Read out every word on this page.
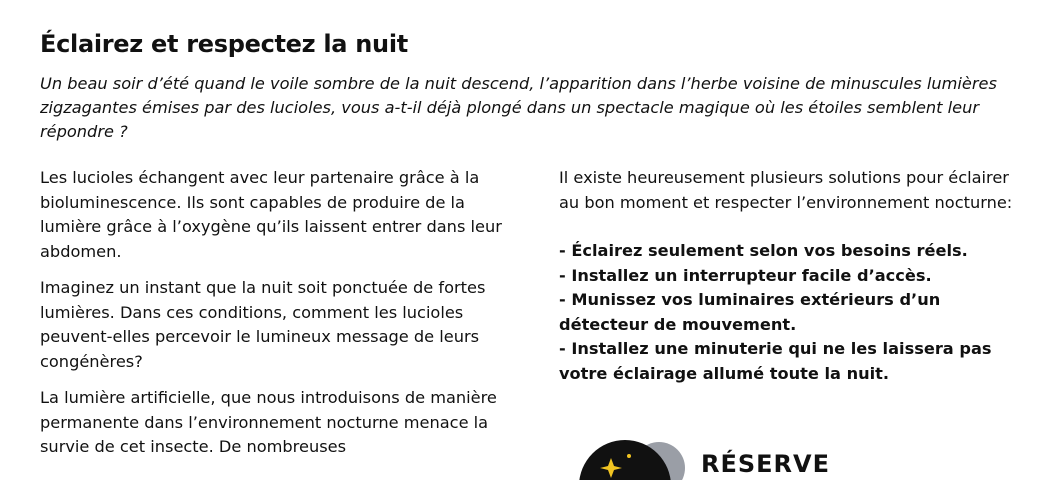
Éclairez et respectez la nuit

Un beau soir d’été quand le voile sombre de la nuit descend, l’apparition dans l’herbe voisine de minuscules lumières zigzagantes émises par des lucioles, vous a-t-il déjà plongé dans un spectacle magique où les étoiles semblent leur répondre ?

Les lucioles échangent avec leur partenaire grâce à la bioluminescence. Ils sont capables de produire de la lumière grâce à l’oxygène qu’ils laissent entrer dans leur abdomen.

Imaginez un instant que la nuit soit ponctuée de fortes lumières. Dans ces conditions, comment les lucioles peuvent-elles percevoir le lumineux message de leurs congénères?

La lumière artificielle, que nous introduisons de manière permanente dans l’environnement nocturne menace la survie de cet insecte. De nombreuses

Il existe heureusement plusieurs solutions pour éclairer au bon moment et respecter l’environnement nocturne:

- Éclairez seulement selon vos besoins réels.
- Installez un interrupteur facile d’accès.
- Munissez vos luminaires extérieurs d’un détecteur de mouvement.
- Installez une minuterie qui ne les laissera pas votre éclairage allumé toute la nuit.
RÉSERVE
